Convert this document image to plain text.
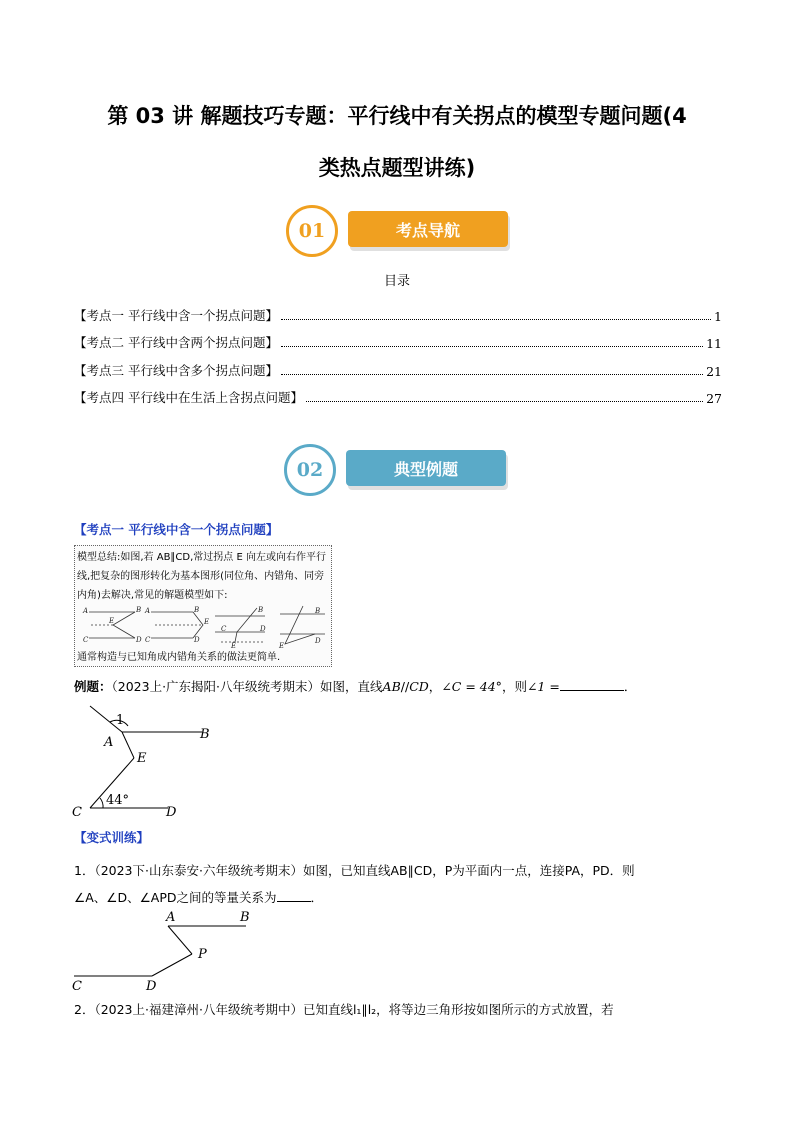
第 03 讲 解题技巧专题：平行线中有关拐点的模型专题问题(4
类热点题型讲练)
01	考点导航
目录
【考点一 平行线中含一个拐点问题】	1
【考点二 平行线中含两个拐点问题】	11
【考点三 平行线中含多个拐点问题】	21
【考点四 平行线中在生活上含拐点问题】	27
02	典型例题
【考点一 平行线中含一个拐点问题】
模型总结:如图,若 AB∥CD,常过拐点 E 向左或向右作平行线,把复杂的图形转化为基本图形(同位角、内错角、同旁内角)去解决,常见的解题模型如下:
A	B
E
C	D
A	B
E
C	D
B
C	D
E
B
D
E
通常构造与已知角成内错角关系的做法更简单.
例题：（2023上·广东揭阳·八年级统考期末）如图，直线AB//CD，∠C = 44°，则∠1 =	．
1
A
B
E
C	D
44°
【变式训练】
1．（2023下·山东泰安·六年级统考期末）如图，已知直线AB∥CD，P为平面内一点，连接PA，PD．则
∠A、∠D、∠APD之间的等量关系为	．
A	B
P
C	D
2．（2023上·福建漳州·八年级统考期中）已知直线l₁∥l₂，将等边三角形按如图所示的方式放置，若
